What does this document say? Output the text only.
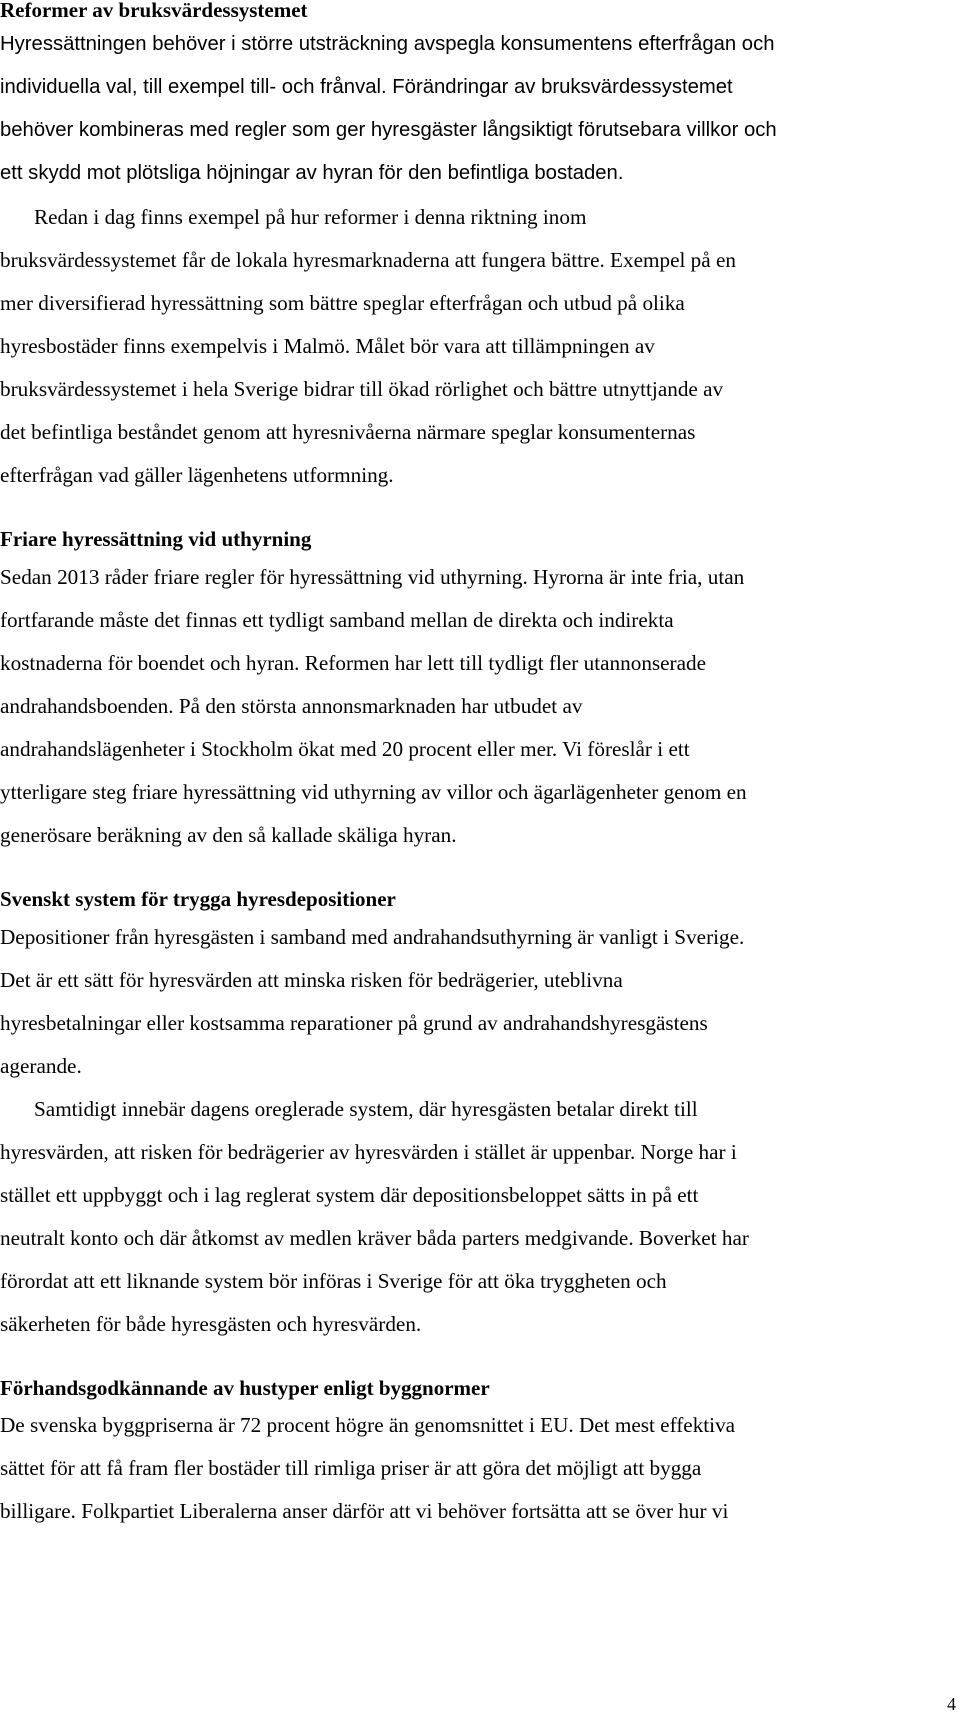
Reformer av bruksvärdessystemet
Hyressättningen behöver i större utsträckning avspegla konsumentens efterfrågan och
individuella val, till exempel till- och frånval. Förändringar av bruksvärdessystemet
behöver kombineras med regler som ger hyresgäster långsiktigt förutsebara villkor och
ett skydd mot plötsliga höjningar av hyran för den befintliga bostaden.
Redan i dag finns exempel på hur reformer i denna riktning inom
bruksvärdessystemet får de lokala hyresmarknaderna att fungera bättre. Exempel på en
mer diversifierad hyressättning som bättre speglar efterfrågan och utbud på olika
hyresbostäder finns exempelvis i Malmö. Målet bör vara att tillämpningen av
bruksvärdessystemet i hela Sverige bidrar till ökad rörlighet och bättre utnyttjande av
det befintliga beståndet genom att hyresnivåerna närmare speglar konsumenternas
efterfrågan vad gäller lägenhetens utformning.
Friare hyressättning vid uthyrning
Sedan 2013 råder friare regler för hyressättning vid uthyrning. Hyrorna är inte fria, utan
fortfarande måste det finnas ett tydligt samband mellan de direkta och indirekta
kostnaderna för boendet och hyran. Reformen har lett till tydligt fler utannonserade
andrahandsboenden. På den största annonsmarknaden har utbudet av
andrahandslägenheter i Stockholm ökat med 20 procent eller mer. Vi föreslår i ett
ytterligare steg friare hyressättning vid uthyrning av villor och ägarlägenheter genom en
generösare beräkning av den så kallade skäliga hyran.
Svenskt system för trygga hyresdepositioner
Depositioner från hyresgästen i samband med andrahandsuthyrning är vanligt i Sverige.
Det är ett sätt för hyresvärden att minska risken för bedrägerier, uteblivna
hyresbetalningar eller kostsamma reparationer på grund av andrahandshyresgästens
agerande.
Samtidigt innebär dagens oreglerade system, där hyresgästen betalar direkt till
hyresvärden, att risken för bedrägerier av hyresvärden i stället är uppenbar. Norge har i
stället ett uppbyggt och i lag reglerat system där depositionsbeloppet sätts in på ett
neutralt konto och där åtkomst av medlen kräver båda parters medgivande. Boverket har
förordat att ett liknande system bör införas i Sverige för att öka tryggheten och
säkerheten för både hyresgästen och hyresvärden.
Förhandsgodkännande av hustyper enligt byggnormer
De svenska byggpriserna är 72 procent högre än genomsnittet i EU. Det mest effektiva
sättet för att få fram fler bostäder till rimliga priser är att göra det möjligt att bygga
billigare. Folkpartiet Liberalerna anser därför att vi behöver fortsätta att se över hur vi
4
